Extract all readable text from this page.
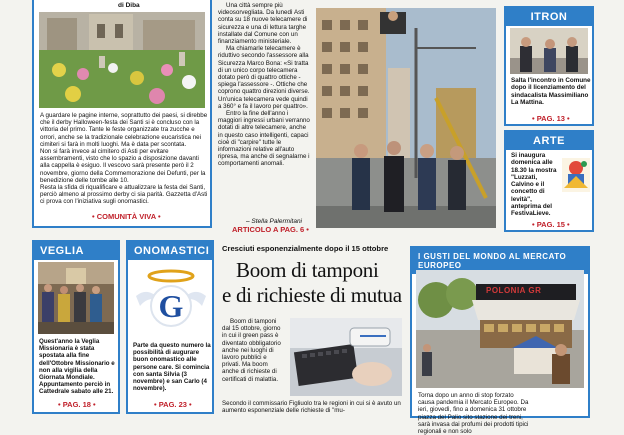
di Diba

A guardare le pagine interne, soprattutto dei paesi, si direbbe che il derby Halloween-festa dei Santi si è concluso con la vittoria del primo. Tante le feste organizzate tra zucche e orrori, anche se la tradizionale celebrazione eucaristica nei cimiteri si farà in molti luoghi. Ma è data per scontata.

Non si farà invece al cimitero di Asti per evitare assembramenti, visto che lo spazio a disposizione davanti alla cappella è esiguo. Il vescovo sarà presente però il 2 novembre, giorno della Commemorazione dei Defunti, per la benedizione delle tombe alle 10.

Resta la sfida di riqualificare e attualizzare la festa dei Santi, perciò almeno al prossimo derby ci sia parità. Gazzetta d'Asti ci prova con l'iniziativa sugli onomastici.

• COMUNITÀ VIVA •

Una città sempre più videosorvegliata. Da lunedì Asti conta su 18 nuove telecamere di sicurezza e una di lettura targhe installate dal Comune con un finanziamento ministeriale.

Ma chiamarle telecamere è riduttivo secondo l'assessore alla Sicurezza Marco Bona: «Si tratta di un unico corpo telecamera dotato però di quattro ottiche - spiega l'assessore -. Ottiche che coprono quattro direzioni diverse. Un'unica telecamera vede quindi a 360° e fa il lavoro per quattro».

Entro la fine dell'anno i maggiori ingressi urbani verranno dotati di altre telecamere, anche in questo caso intelligenti, capaci cioè di "carpire" tutte le informazioni relative all'auto ripresa, ma anche di segnalarne i comportamenti anomali.

– Stella Palermitani
ARTICOLO A PAG. 6 •
ITRON
Salta l'incontro in Comune dopo il licenziamento del sindacalista Massimiliano La Mattina.
• PAG. 13 •
ARTE
Si inaugura domenica alle 18.30 la mostra "Luzzati, Calvino e il concetto di levità", anteprima del FestivaLieve.
• PAG. 15 •
VEGLIA
Quest'anno la Veglia Missionaria è stata spostata alla fine dell'Ottobre Missionario e non alla vigilia della Giornata Mondiale. Appuntamento perciò in Cattedrale sabato alle 21.
• PAG. 18 •
ONOMASTICI
G
Parte da questo numero la possibilità di augurare buon onomastico alle persone care. Si comincia con santa Silvia (3 novembre) e san Carlo (4 novembre).
• PAG. 23 •
Cresciuti esponenzialmente dopo il 15 ottobre
Boom di tamponi
e di richieste di mutua
Boom di tamponi dal 15 ottobre, giorno in cui il green pass è diventato obbligatorio anche nei luoghi di lavoro pubblici e privati. Ma boom anche di richieste di certificati di malattia.
Secondo il commissario Figliuolo tra le regioni in cui si è avuto un aumento esponenziale delle richieste di "mu-
I GUSTI DEL MONDO AL MERCATO EUROPEO
POLONIA GR
Torna dopo un anno di stop forzato causa pandemia il Mercato Europeo. Da ieri, giovedì, fino a domenica 31 ottobre piazza del Palio sito stazione dei treni, sarà invasa dai profumi dei prodotti tipici regionali e non solo
